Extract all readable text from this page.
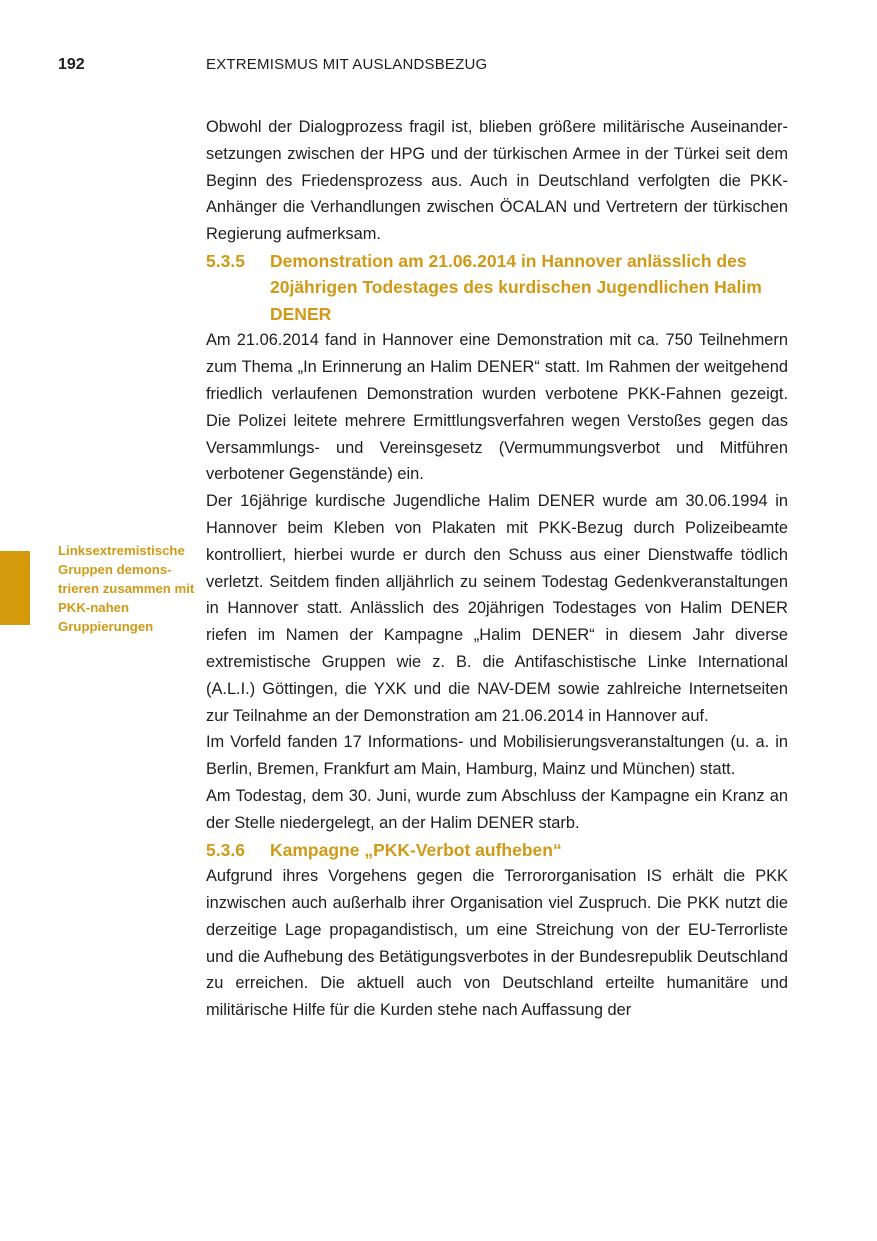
192	EXTREMISMUS MIT AUSLANDSBEZUG
Linksextremistische Gruppen demonstrieren zusammen mit PKK-nahen Gruppierungen

Obwohl der Dialogprozess fragil ist, blieben größere militärische Auseinandersetzungen zwischen der HPG und der türkischen Armee in der Türkei seit dem Beginn des Friedensprozess aus. Auch in Deutschland verfolgten die PKK-Anhänger die Verhandlungen zwischen ÖCALAN und Vertretern der türkischen Regierung aufmerksam.

5.3.5 Demonstration am 21.06.2014 in Hannover anlässlich des 20jährigen Todestages des kurdischen Jugendlichen Halim DENER

Am 21.06.2014 fand in Hannover eine Demonstration mit ca. 750 Teilnehmern zum Thema „In Erinnerung an Halim DENER“ statt. Im Rahmen der weitgehend friedlich verlaufenen Demonstration wurden verbotene PKK-Fahnen gezeigt. Die Polizei leitete mehrere Ermittlungsverfahren wegen Verstoßes gegen das Versammlungs- und Vereinsgesetz (Vermummungsverbot und Mitführen verbotener Gegenstände) ein.

Der 16jährige kurdische Jugendliche Halim DENER wurde am 30.06.1994 in Hannover beim Kleben von Plakaten mit PKK-Bezug durch Polizeibeamte kontrolliert, hierbei wurde er durch den Schuss aus einer Dienstwaffe tödlich verletzt. Seitdem finden alljährlich zu seinem Todestag Gedenkveranstaltungen in Hannover statt. Anlässlich des 20jährigen Todestages von Halim DENER riefen im Namen der Kampagne „Halim DENER“ in diesem Jahr diverse extremistische Gruppen wie z. B. die Antifaschistische Linke International (A.L.I.) Göttingen, die YXK und die NAV-DEM sowie zahlreiche Internetseiten zur Teilnahme an der Demonstration am 21.06.2014 in Hannover auf.

Im Vorfeld fanden 17 Informations- und Mobilisierungsveranstaltungen (u. a. in Berlin, Bremen, Frankfurt am Main, Hamburg, Mainz und München) statt.

Am Todestag, dem 30. Juni, wurde zum Abschluss der Kampagne ein Kranz an der Stelle niedergelegt, an der Halim DENER starb.

5.3.6 Kampagne „PKK-Verbot aufheben“

Aufgrund ihres Vorgehens gegen die Terrororganisation IS erhält die PKK inzwischen auch außerhalb ihrer Organisation viel Zuspruch. Die PKK nutzt die derzeitige Lage propagandistisch, um eine Streichung von der EU-Terrorliste und die Aufhebung des Betätigungsverbotes in der Bundesrepublik Deutschland zu erreichen. Die aktuell auch von Deutschland erteilte humanitäre und militärische Hilfe für die Kurden stehe nach Auffassung der
